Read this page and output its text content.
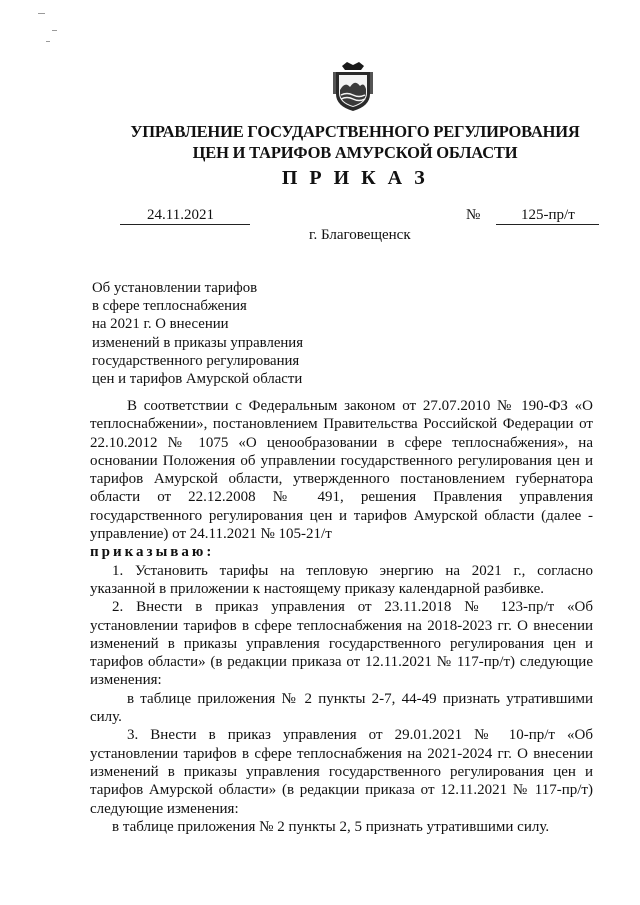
УПРАВЛЕНИЕ ГОСУДАРСТВЕННОГО РЕГУЛИРОВАНИЯ
ЦЕН И ТАРИФОВ АМУРСКОЙ ОБЛАСТИ
П Р И К А З
24.11.2021	№	125-пр/т
г. Благовещенск
Об установлении тарифов
в сфере теплоснабжения
на 2021 г. О внесении
изменений в приказы управления
государственного регулирования
цен и тарифов Амурской области
В соответствии с Федеральным законом от 27.07.2010 № 190-ФЗ «О
теплоснабжении», постановлением Правительства Российской Федерации от
22.10.2012 № 1075 «О ценообразовании в сфере теплоснабжения», на
основании Положения об управлении государственного регулирования цен и
тарифов Амурской области, утвержденного постановлением губернатора
области от 22.12.2008 № 491, решения Правления управления
государственного регулирования цен и тарифов Амурской области (далее -
управление) от 24.11.2021 № 105-21/т
приказываю:
1. Установить тарифы на тепловую энергию на 2021 г., согласно
указанной в приложении к настоящему приказу календарной разбивке.
2. Внести в приказ управления от 23.11.2018 № 123-пр/т «Об
установлении тарифов в сфере теплоснабжения на 2018-2023 гг. О внесении
изменений в приказы управления государственного регулирования цен и
тарифов области» (в редакции приказа от 12.11.2021 № 117-пр/т) следующие
изменения:
в таблице приложения № 2 пункты 2-7, 44-49 признать утратившими
силу.
3. Внести в приказ управления от 29.01.2021 № 10-пр/т «Об
установлении тарифов в сфере теплоснабжения на 2021-2024 гг. О внесении
изменений в приказы управления государственного регулирования цен и
тарифов Амурской области» (в редакции приказа от 12.11.2021 № 117-пр/т)
следующие изменения:
в таблице приложения № 2 пункты 2, 5 признать утратившими силу.
